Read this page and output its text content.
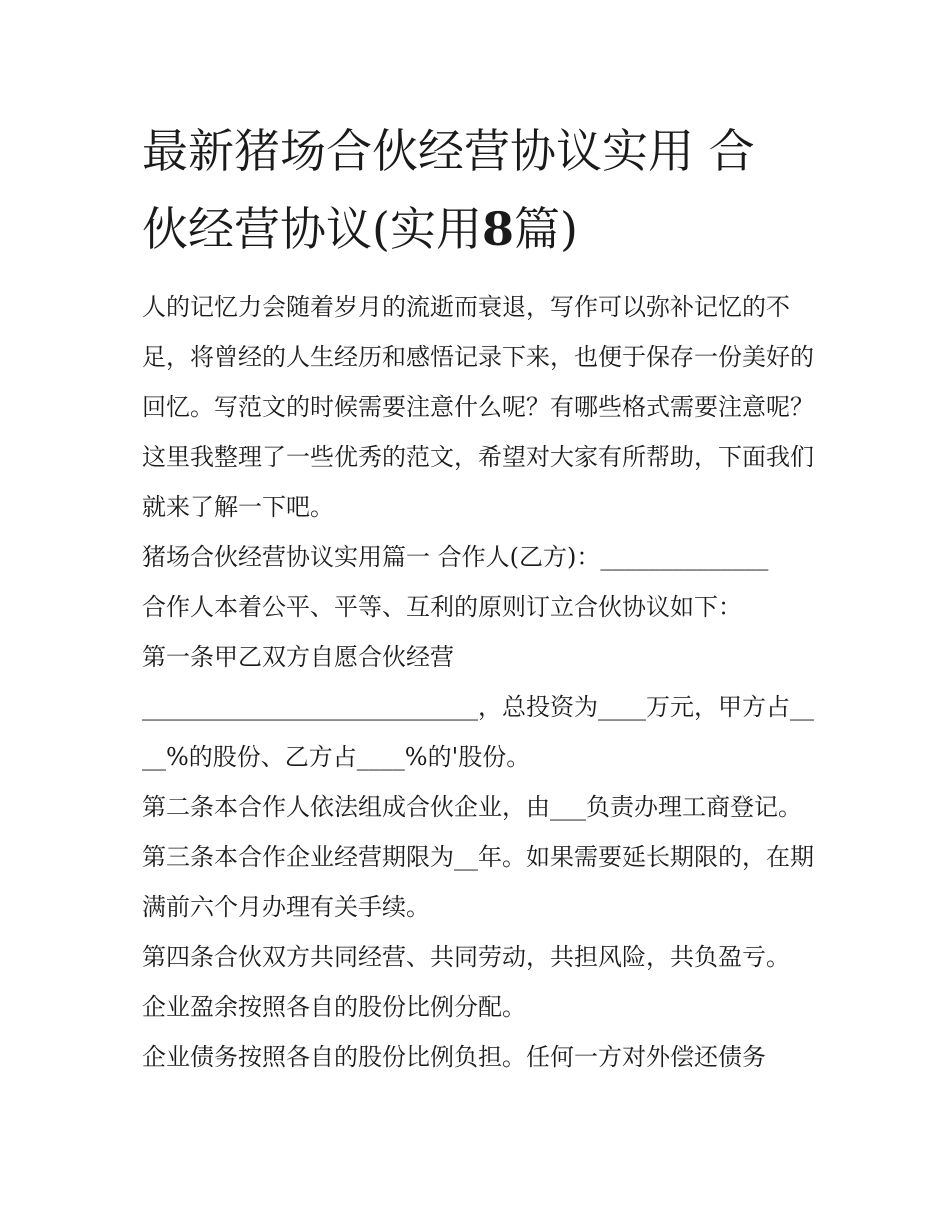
最新猪场合伙经营协议实用 合
伙经营协议(实用8篇)

人的记忆力会随着岁月的流逝而衰退，写作可以弥补记忆的不足，将曾经的人生经历和感悟记录下来，也便于保存一份美好的回忆。写范文的时候需要注意什么呢？有哪些格式需要注意呢？这里我整理了一些优秀的范文，希望对大家有所帮助，下面我们就来了解一下吧。

猪场合伙经营协议实用篇一 合作人(乙方)：______________

合作人本着公平、平等、互利的原则订立合伙协议如下：

第一条甲乙双方自愿合伙经营

____________________________，总投资为____万元，甲方占____%的股份、乙方占____%的'股份。

第二条本合作人依法组成合伙企业，由___负责办理工商登记。 第三条本合作企业经营期限为__年。如果需要延长期限的，在期满前六个月办理有关手续。

第四条合伙双方共同经营、共同劳动，共担风险，共负盈亏。

企业盈余按照各自的股份比例分配。

企业债务按照各自的股份比例负担。任何一方对外偿还债务
